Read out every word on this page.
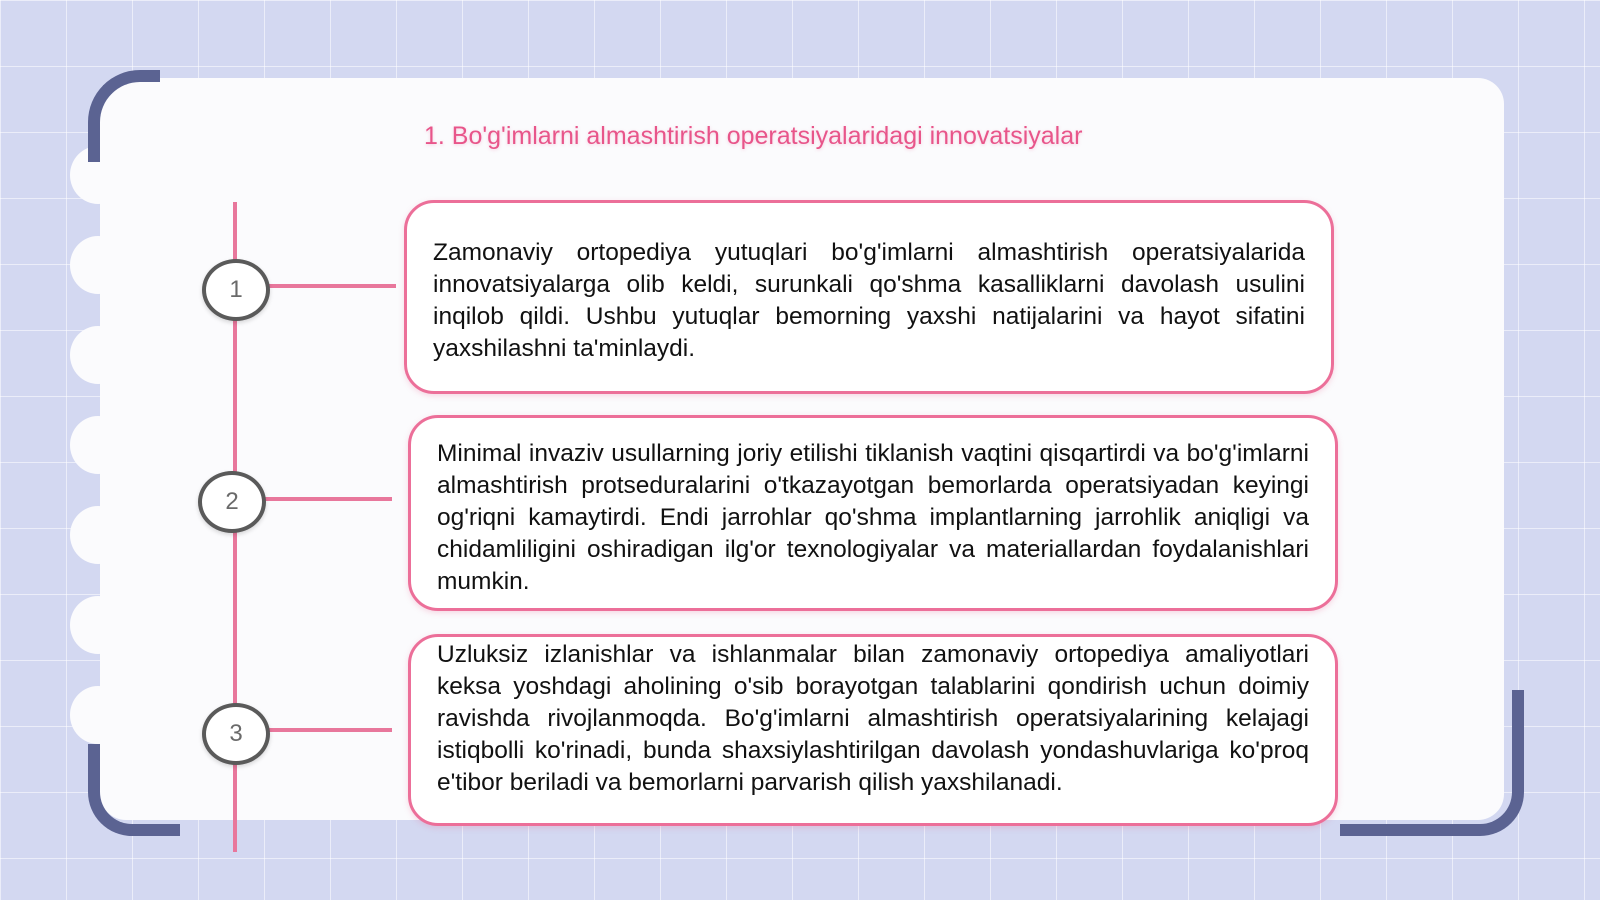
1. Bo'g'imlarni almashtirish operatsiyalaridagi innovatsiyalar
1
2
3

Zamonaviy ortopediya yutuqlari bo'g'imlarni almashtirish operatsiyalarida innovatsiyalarga olib keldi, surunkali qo'shma kasalliklarni davolash usulini inqilob qildi. Ushbu yutuqlar bemorning yaxshi natijalarini va hayot sifatini yaxshilashni ta'minlaydi.

Minimal invaziv usullarning joriy etilishi tiklanish vaqtini qisqartirdi va bo'g'imlarni almashtirish protseduralarini o'tkazayotgan bemorlarda operatsiyadan keyingi og'riqni kamaytirdi. Endi jarrohlar qo'shma implantlarning jarrohlik aniqligi va chidamliligini oshiradigan ilg'or texnologiyalar va materiallardan foydalanishlari mumkin.

Uzluksiz izlanishlar va ishlanmalar bilan zamonaviy ortopediya amaliyotlari keksa yoshdagi aholining o'sib borayotgan talablarini qondirish uchun doimiy ravishda rivojlanmoqda. Bo'g'imlarni almashtirish operatsiyalarining kelajagi istiqbolli ko'rinadi, bunda shaxsiylashtirilgan davolash yondashuvlariga ko'proq e'tibor beriladi va bemorlarni parvarish qilish yaxshilanadi.
